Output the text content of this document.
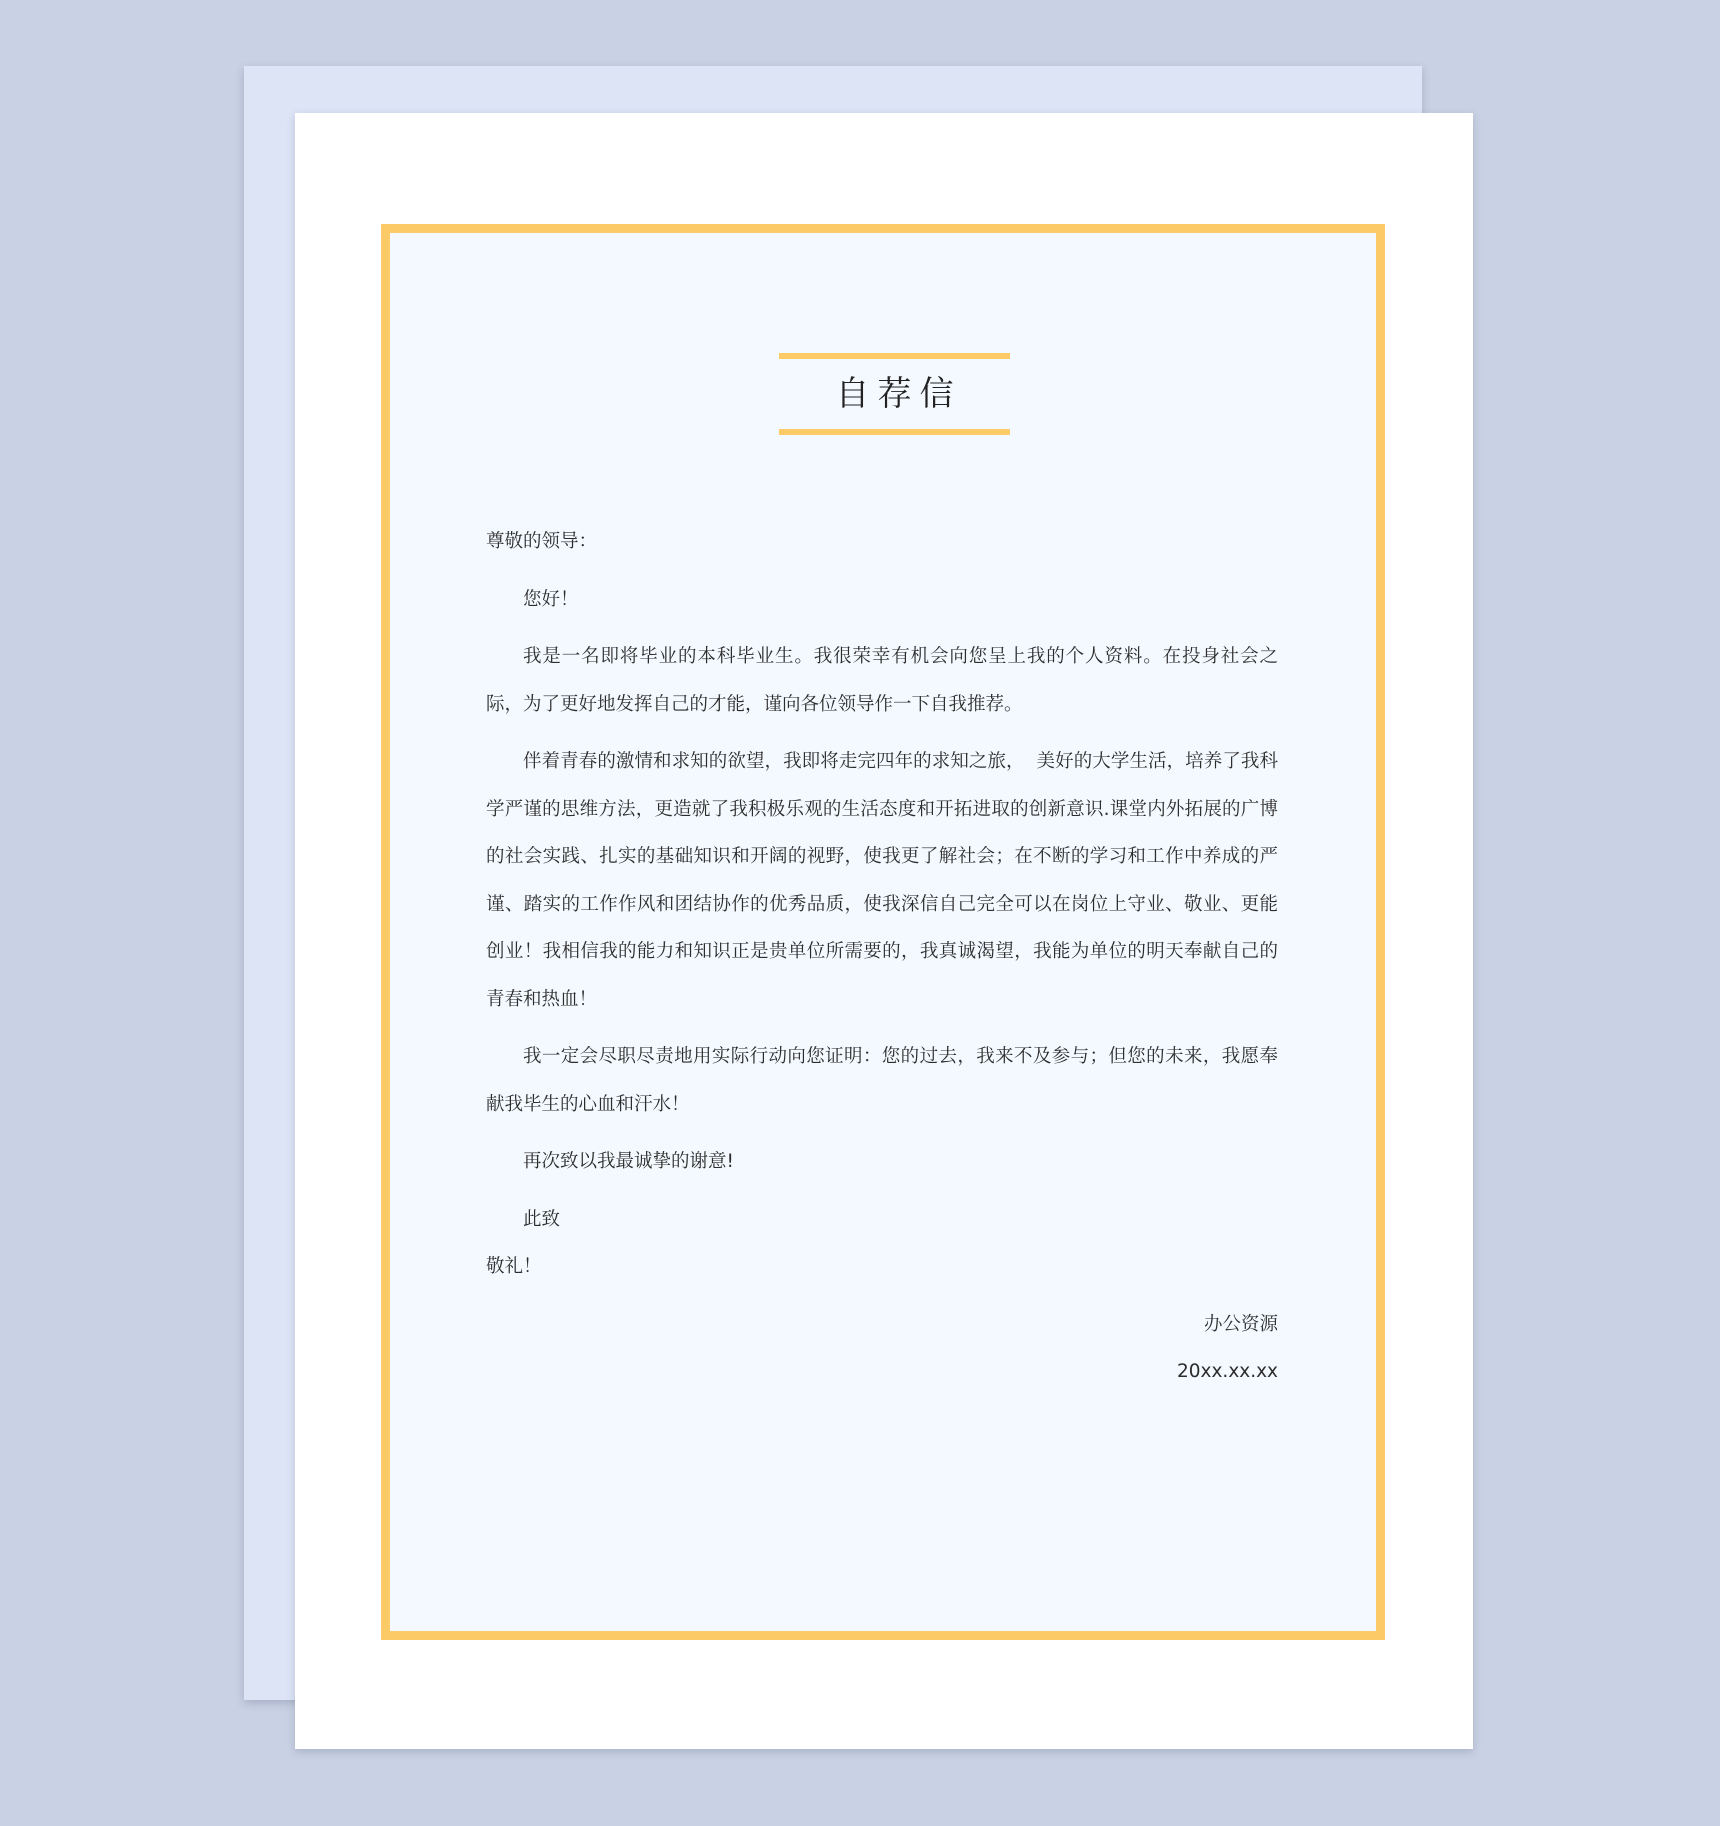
自荐信

尊敬的领导：

您好！

我是一名即将毕业的本科毕业生。我很荣幸有机会向您呈上我的个人资料。在投身社会之际，为了更好地发挥自己的才能，谨向各位领导作一下自我推荐。

伴着青春的激情和求知的欲望，我即将走完四年的求知之旅，  美好的大学生活，培养了我科学严谨的思维方法，更造就了我积极乐观的生活态度和开拓进取的创新意识.课堂内外拓展的广博的社会实践、扎实的基础知识和开阔的视野，使我更了解社会；在不断的学习和工作中养成的严谨、踏实的工作作风和团结协作的优秀品质，使我深信自己完全可以在岗位上守业、敬业、更能创业！我相信我的能力和知识正是贵单位所需要的，我真诚渴望，我能为单位的明天奉献自己的青春和热血！

我一定会尽职尽责地用实际行动向您证明：您的过去，我来不及参与；但您的未来，我愿奉献我毕生的心血和汗水！

再次致以我最诚挚的谢意!

此致

敬礼！

办公资源

20xx.xx.xx
